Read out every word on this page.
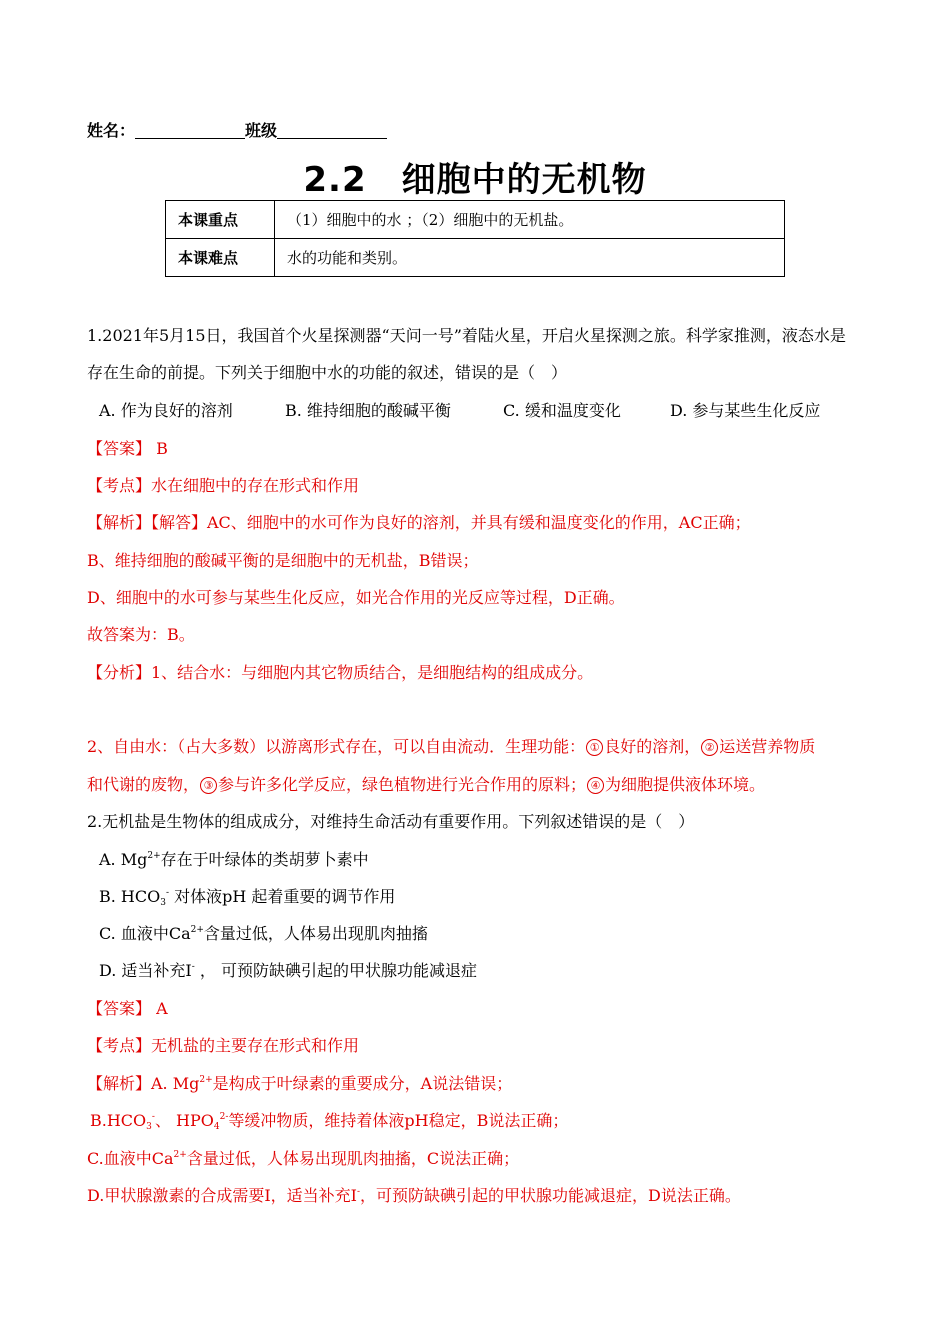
姓名：	班级
2.2　细胞中的无机物
本课重点	（1）细胞中的水 ；（2）细胞中的无机盐。
本课难点	水的功能和类别。
1.2021年5月15日，我国首个火星探测器“天问一号”着陆火星，开启火星探测之旅。科学家推测，液态水是
存在生命的前提。下列关于细胞中水的功能的叙述，错误的是（　）
A. 作为良好的溶剂	B. 维持细胞的酸碱平衡	C. 缓和温度变化	D. 参与某些生化反应
【答案】 B
【考点】水在细胞中的存在形式和作用
【解析】【解答】AC、细胞中的水可作为良好的溶剂，并具有缓和温度变化的作用，AC正确；
B、维持细胞的酸碱平衡的是细胞中的无机盐，B错误；
D、细胞中的水可参与某些生化反应，如光合作用的光反应等过程，D正确。
故答案为：B。
【分析】1、结合水：与细胞内其它物质结合，是细胞结构的组成成分。
2、自由水：（占大多数）以游离形式存在，可以自由流动．生理功能： ① 良好的溶剂， ② 运送营养物质
和代谢的废物， ③ 参与许多化学反应，绿色植物进行光合作用的原料； ④ 为细胞提供液体环境。
2.无机盐是生物体的组成成分，对维持生命活动有重要作用。下列叙述错误的是（　）
A. $Mg^{2+}$存在于叶绿体的类胡萝卜素中
B. $HCO_3^-$ 对体液pH 起着重要的调节作用
C. 血液中$Ca^{2+}$含量过低，人体易出现肌肉抽搐
D. 适当补充I- ， 可预防缺碘引起的甲状腺功能减退症
【答案】 A
【考点】无机盐的主要存在形式和作用
【解析】A. $Mg^{2+}$是构成于叶绿素的重要成分，A说法错误；
$B.HCO_3^-$、 $HPO_4^{2-}$等缓冲物质，维持着体液pH稳定，B说法正确；
C.血液中$Ca^{2+}$含量过低，人体易出现肌肉抽搐，C说法正确；
D.甲状腺激素的合成需要I，适当补充I-，可预防缺碘引起的甲状腺功能减退症，D说法正确。
